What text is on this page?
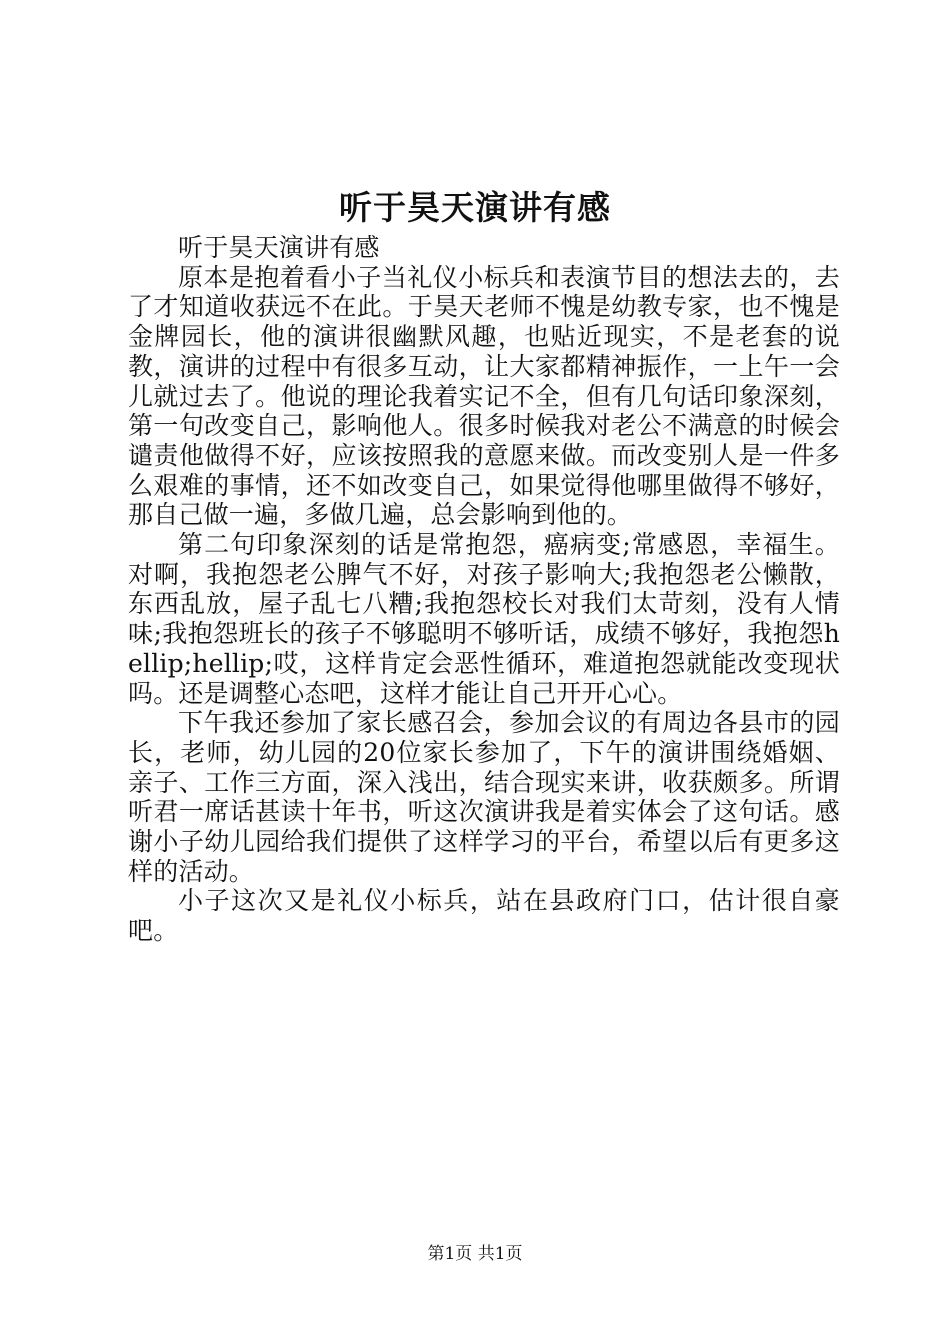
听于昊天演讲有感

听于昊天演讲有感

原本是抱着看小子当礼仪小标兵和表演节目的想法去的，去了才知道收获远不在此。于昊天老师不愧是幼教专家，也不愧是金牌园长，他的演讲很幽默风趣，也贴近现实，不是老套的说教，演讲的过程中有很多互动，让大家都精神振作，一上午一会儿就过去了。他说的理论我着实记不全，但有几句话印象深刻，第一句改变自己，影响他人。很多时候我对老公不满意的时候会谴责他做得不好，应该按照我的意愿来做。而改变别人是一件多么艰难的事情，还不如改变自己，如果觉得他哪里做得不够好，那自己做一遍，多做几遍，总会影响到他的。

第二句印象深刻的话是常抱怨，癌病变;常感恩，幸福生。对啊，我抱怨老公脾气不好，对孩子影响大;我抱怨老公懒散，东西乱放，屋子乱七八糟;我抱怨校长对我们太苛刻，没有人情味;我抱怨班长的孩子不够聪明不够听话，成绩不够好，我抱怨hellip;hellip;哎，这样肯定会恶性循环，难道抱怨就能改变现状吗。还是调整心态吧，这样才能让自己开开心心。

下午我还参加了家长感召会，参加会议的有周边各县市的园长，老师，幼儿园的20位家长参加了，下午的演讲围绕婚姻、亲子、工作三方面，深入浅出，结合现实来讲，收获颇多。所谓听君一席话甚读十年书，听这次演讲我是着实体会了这句话。感谢小子幼儿园给我们提供了这样学习的平台，希望以后有更多这样的活动。

小子这次又是礼仪小标兵，站在县政府门口，估计很自豪吧。

第1页 共1页
